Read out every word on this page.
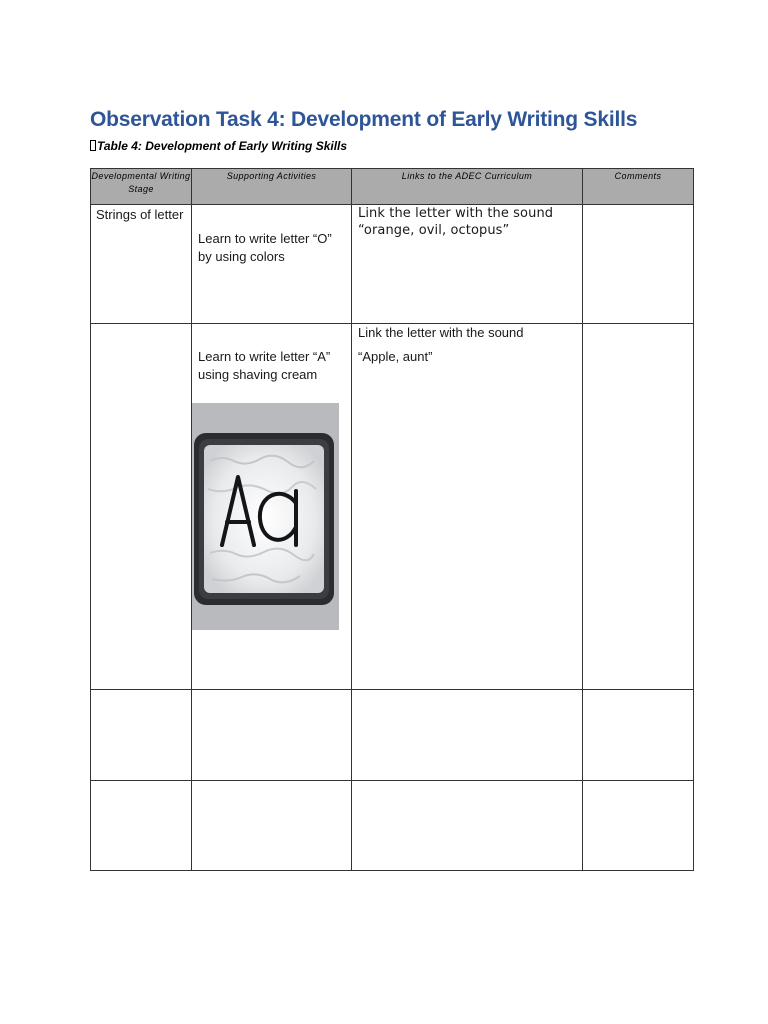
Observation Task 4: Development of Early Writing Skills
Table 4: Development of Early Writing Skills
Developmental Writing Stage	Supporting Activities	Links to the ADEC Curriculum	Comments

Strings of letter	Learn to write letter “O” by using colors	Link the letter with the sound
“orange, ovil, octopus”	

	Learn to write letter “A” using shaving cream	Link the letter with the sound
“Apple, aunt”	
